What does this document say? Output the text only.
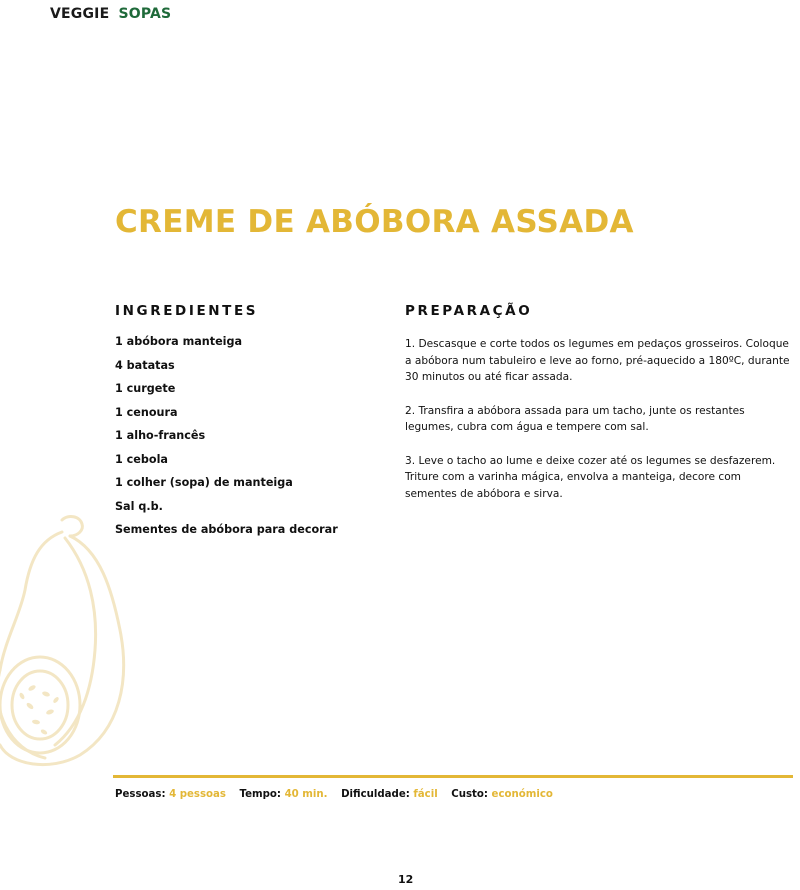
VEGGIE SOPAS
CREME DE ABÓBORA ASSADA
INGREDIENTES
1 abóbora manteiga
4 batatas
1 curgete
1 cenoura
1 alho-francês
1 cebola
1 colher (sopa) de manteiga
Sal q.b.
Sementes de abóbora para decorar
PREPARAÇÃO

1. Descasque e corte todos os legumes em pedaços grosseiros. Coloque a abóbora num tabuleiro e leve ao forno, pré-aquecido a 180ºC, durante 30 minutos ou até ficar assada.

2. Transfira a abóbora assada para um tacho, junte os restantes legumes, cubra com água e tempere com sal.

3. Leve o tacho ao lume e deixe cozer até os legumes se desfazerem. Triture com a varinha mágica, envolva a manteiga, decore com sementes de abóbora e sirva.

Pessoas: 4 pessoas Tempo: 40 min. Dificuldade: fácil Custo: económico
12
